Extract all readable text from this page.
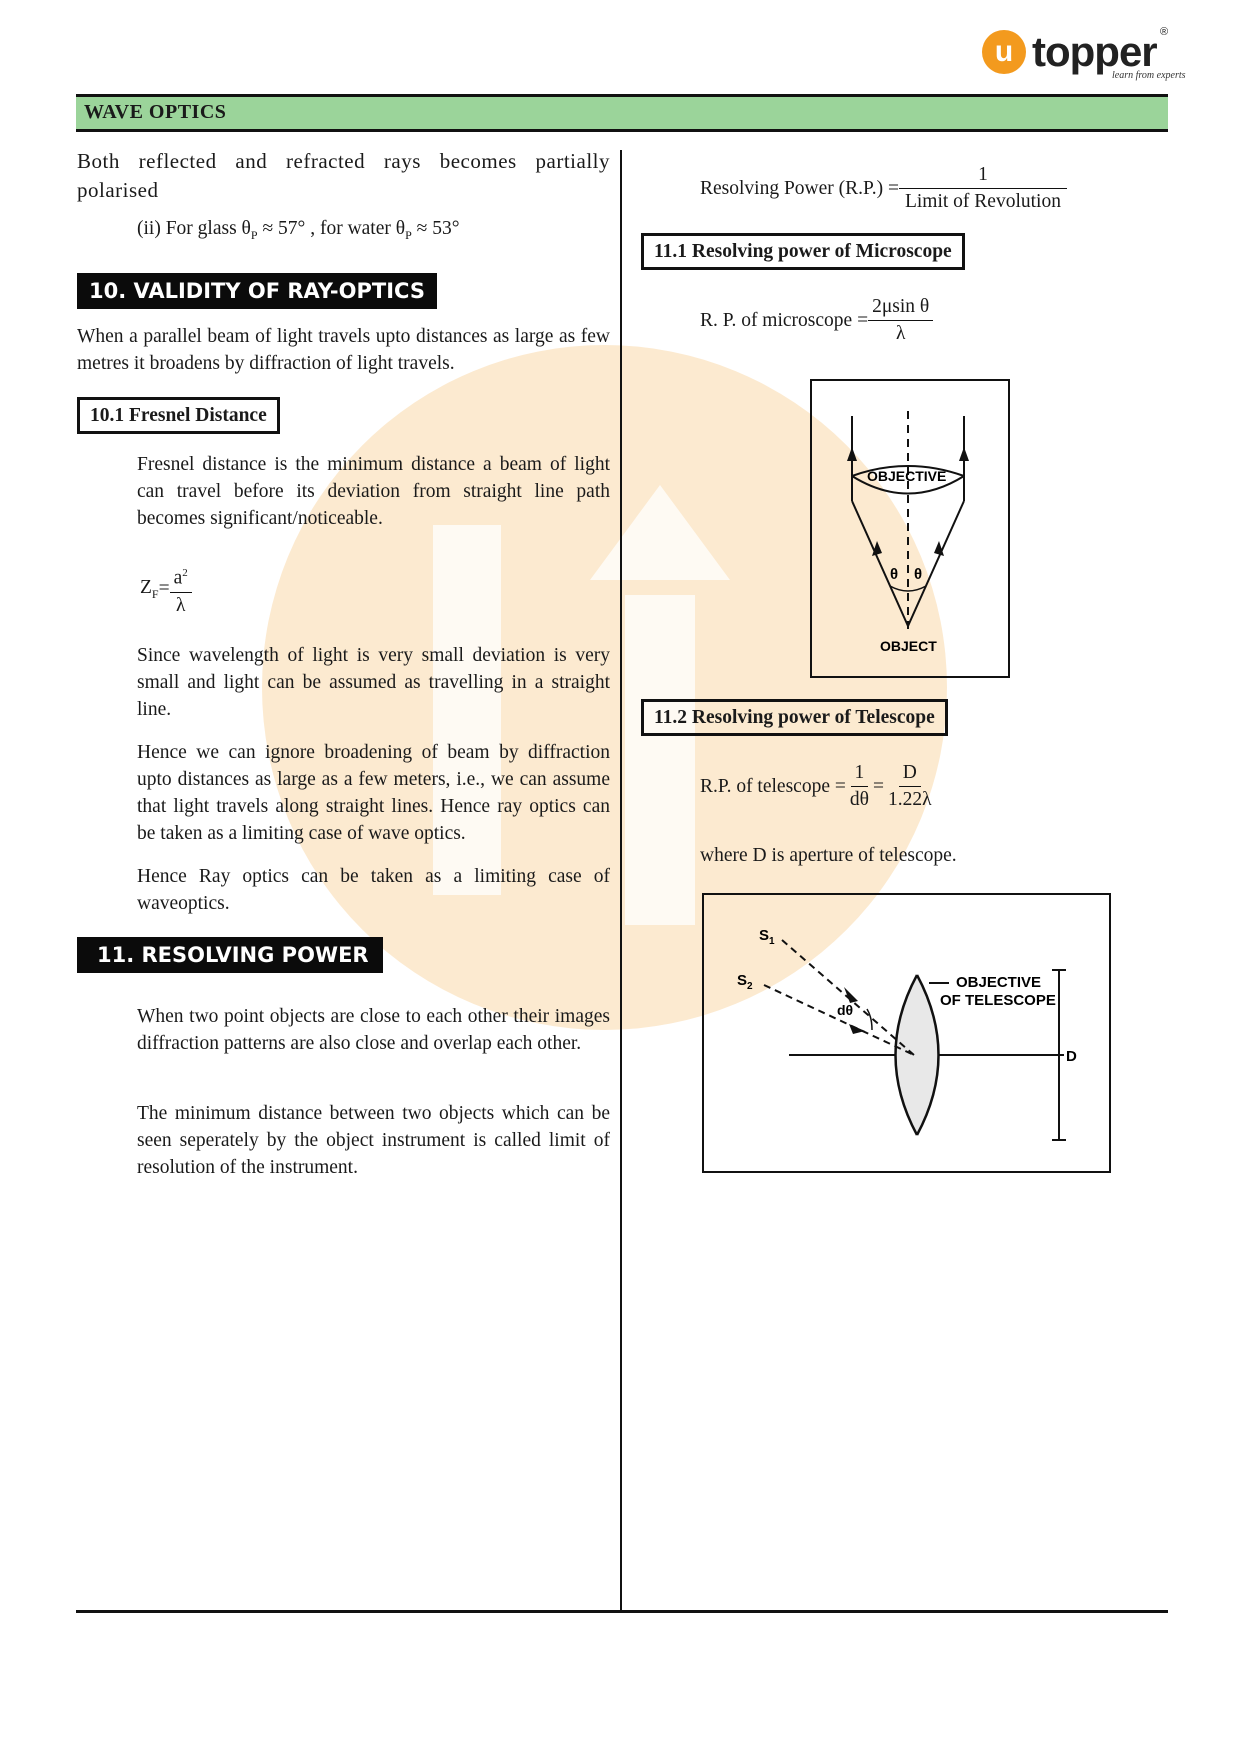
u topper ®
learn from experts
WAVE OPTICS
Both reflected and refracted rays becomes partially polarised
(ii) For glass $\theta_P \approx 57^\circ$ , for water $\theta_P \approx 53^\circ$
10. VALIDITY OF RAY-OPTICS
When a parallel beam of light travels upto distances as large as few metres it broadens by diffraction of light travels.
10.1 Fresnel Distance
Fresnel distance is the minimum distance a beam of light can travel before its deviation from straight line path becomes significant/noticeable.
$Z_F = \frac{a^2}{\lambda}$
Since wavelength of light is very small deviation is very small and light can be assumed as travelling in a straight line.
Hence we can ignore broadening of beam by diffraction upto distances as large as a few meters, i.e., we can assume that light travels along straight lines. Hence ray optics can be taken as a limiting case of wave optics.
Hence Ray optics can be taken as a limiting case of waveoptics.
11. RESOLVING POWER
When two point objects are close to each other their images diffraction patterns are also close and overlap each other.
The minimum distance between two objects which can be seen seperately by the object instrument is called limit of resolution of the instrument.
Resolving Power $(R.P.) = \frac{1}{\text{Limit of Revolution}}$
11.1 Resolving power of Microscope
R. P. of microscope = $\frac{\text{2μsin θ}}{\lambda}$
OBJECTIVE
θ θ
OBJECT
11.2 Resolving power of Telescope
R.P. of telescope = $\frac{1}{d\theta} = \frac{D}{1.22\lambda}$
where D is aperture of telescope.
$S_1$
$S_2$
dθ
OBJECTIVE
OF TELESCOPE
D
